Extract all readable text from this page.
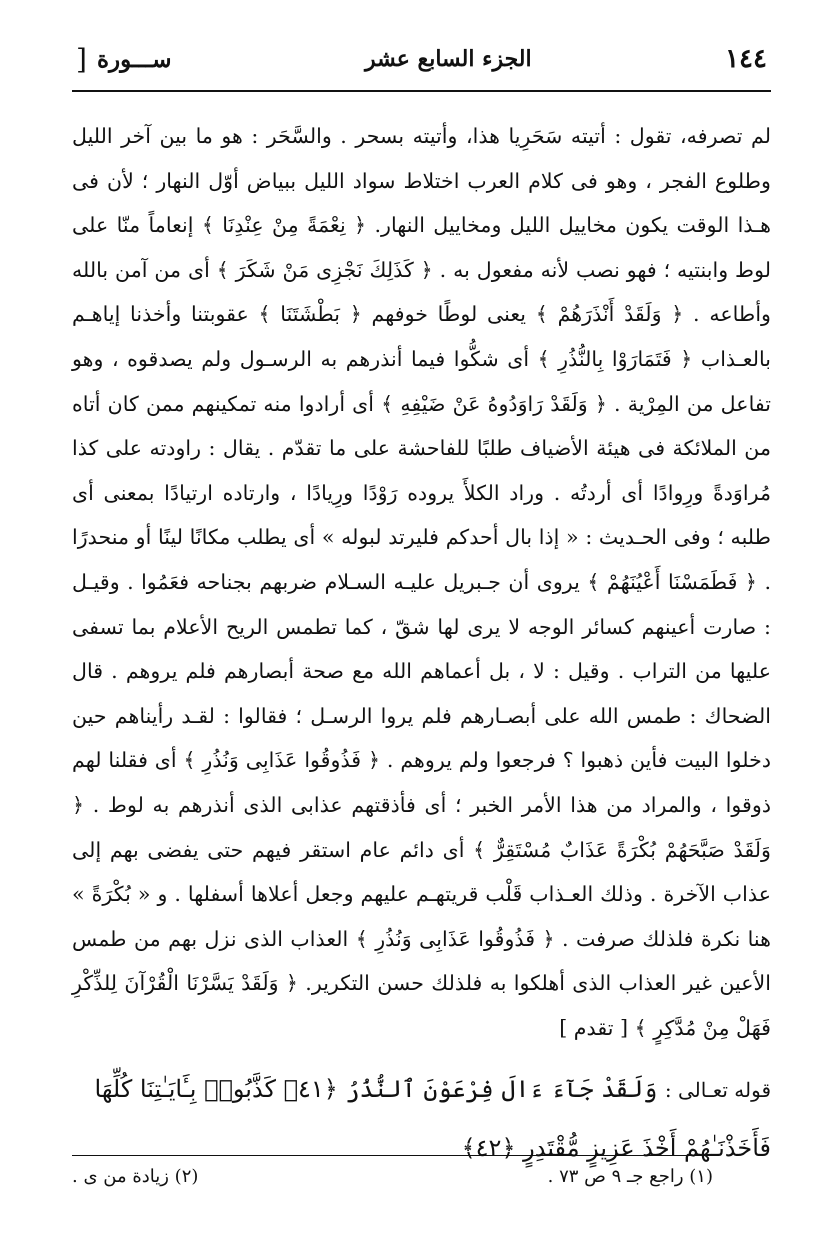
١٤٤
الجزء السابع عشر
ســـورة
[

لم تصرفه، تقول : أتيته سَحَرِيا هذا، وأتيته بسحر . والسَّحَر : هو ما بين آخر الليل وطلوع الفجر ، وهو فى كلام العرب اختلاط سواد الليل ببياض أوّل النهار ؛ لأن فى هـذا الوقت يكون مخاييل الليل ومخاييل النهار. ﴿ نِعْمَةً مِنْ عِنْدِنَا ﴾ إنعاماً منّا على لوط وابنتيه ؛ فهو نصب لأنه مفعول به . ﴿ كَذَلِكَ نَجْزِى مَنْ شَكَرَ ﴾ أى من آمن بالله وأطاعه . ﴿ وَلَقَدْ أَنْذَرَهُمْ ﴾ يعنى لوطًا خوفهم ﴿ بَطْشَتَنَا ﴾ عقوبتنا وأخذنا إياهـم بالعـذاب ﴿ فَتَمَارَوْا بِالنُّذُرِ ﴾ أى شكُّوا فيما أنذرهم به الرسـول ولم يصدقوه ، وهو تفاعل من المِرْية . ﴿ وَلَقَدْ رَاوَدُوهُ عَنْ ضَيْفِهِ ﴾ أى أرادوا منه تمكينهم ممن كان أتاه من الملائكة فى هيئة الأضياف طلبًا للفاحشة على ما تقدّم . يقال : راودته على كذا مُراوَدةً ورِوادًا أى أردتُه . وراد الكلأَ يروده رَوْدًا ورِيادًا ، وارتاده ارتيادًا بمعنى أى طلبه ؛ وفى الحـديث : « إذا بال أحدكم فليرتد لبوله » أى يطلب مكانًا لينًا أو منحدرًا . ﴿ فَطَمَسْنَا أَعْيُنَهُمْ ﴾ يروى أن جـبريل عليـه السـلام ضربهم بجناحه فعَمُوا . وقيـل : صارت أعينهم كسائر الوجه لا يرى لها شقّ ، كما تطمس الريح الأعلام بما تسفى عليها من التراب . وقيل : لا ، بل أعماهم الله مع صحة أبصارهم فلم يروهم . قال الضحاك : طمس الله على أبصـارهم فلم يروا الرسـل ؛ فقالوا : لقـد رأيناهم حين دخلوا البيت فأين ذهبوا ؟ فرجعوا ولم يروهم . ﴿ فَذُوقُوا عَذَابِى وَنُذُرِ ﴾ أى فقلنا لهم ذوقوا ، والمراد من هذا الأمر الخبر ؛ أى فأذقتهم عذابى الذى أنذرهم به لوط . ﴿ وَلَقَدْ صَبَّحَهُمْ بُكْرَةً عَذَابٌ مُسْتَقِرٌّ ﴾ أى دائم عام استقر فيهم حتى يفضى بهم إلى عذاب الآخرة . وذلك العـذاب قَلْب قريتهـم عليهم وجعل أعلاها أسفلها . و « بُكْرَةً » هنا نكرة فلذلك صرفت . ﴿ فَذُوقُوا عَذَابِى وَنُذُرِ ﴾ العذاب الذى نزل بهم من طمس الأعين غير العذاب الذى أهلكوا به فلذلك حسن التكرير. ﴿ وَلَقَدْ يَسَّرْنَا الْقُرْآنَ لِلذِّكْرِ فَهَلْ مِنْ مُدَّكِرٍ ﴾ [ تقدم ]

قوله تعـالى : وَلَقَدْ جَآءَ ءَالَ فِرْعَوْنَ ٱلنُّذُرُ ﴿٤١﴾ كَذَّبُوا۟ بِـَٔايَـٰتِنَا كُلِّهَا
فَأَخَذْنَـٰهُمْ أَخْذَ عَزِيزٍ مُّقْتَدِرٍ ﴿٤٢﴾
(١) راجع جـ ٩ ص ٧٣ .
(٢) زيادة من ى .
